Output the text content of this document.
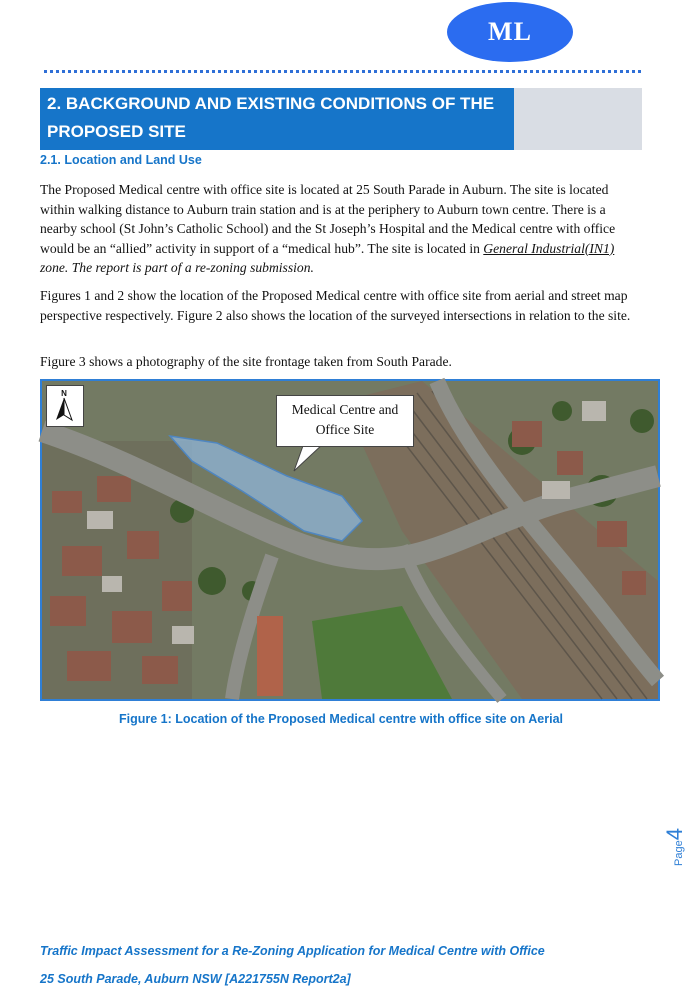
ML
2. BACKGROUND AND EXISTING CONDITIONS OF THE
PROPOSED SITE
2.1. Location and Land Use
The Proposed Medical centre with office site is located at 25 South Parade in Auburn. The site is located within walking distance to Auburn train station and is at the periphery to Auburn town centre. There is a nearby school (St John’s Catholic School) and the St Joseph’s Hospital and the Medical centre with office would be an “allied” activity in support of a “medical hub”. The site is located in General Industrial(IN1) zone. The report is part of a re-zoning submission.
Figures 1 and 2 show the location of the Proposed Medical centre with office site from aerial and street map perspective respectively. Figure 2 also shows the location of the surveyed intersections in relation to the site.
Figure 3 shows a photography of the site frontage taken from South Parade.
N
Medical Centre and
Office Site
Figure 1: Location of the Proposed Medical centre with office site on Aerial
Page4
Traffic Impact Assessment for a Re-Zoning Application for Medical Centre with Office
25 South Parade, Auburn NSW [A221755N Report2a]
